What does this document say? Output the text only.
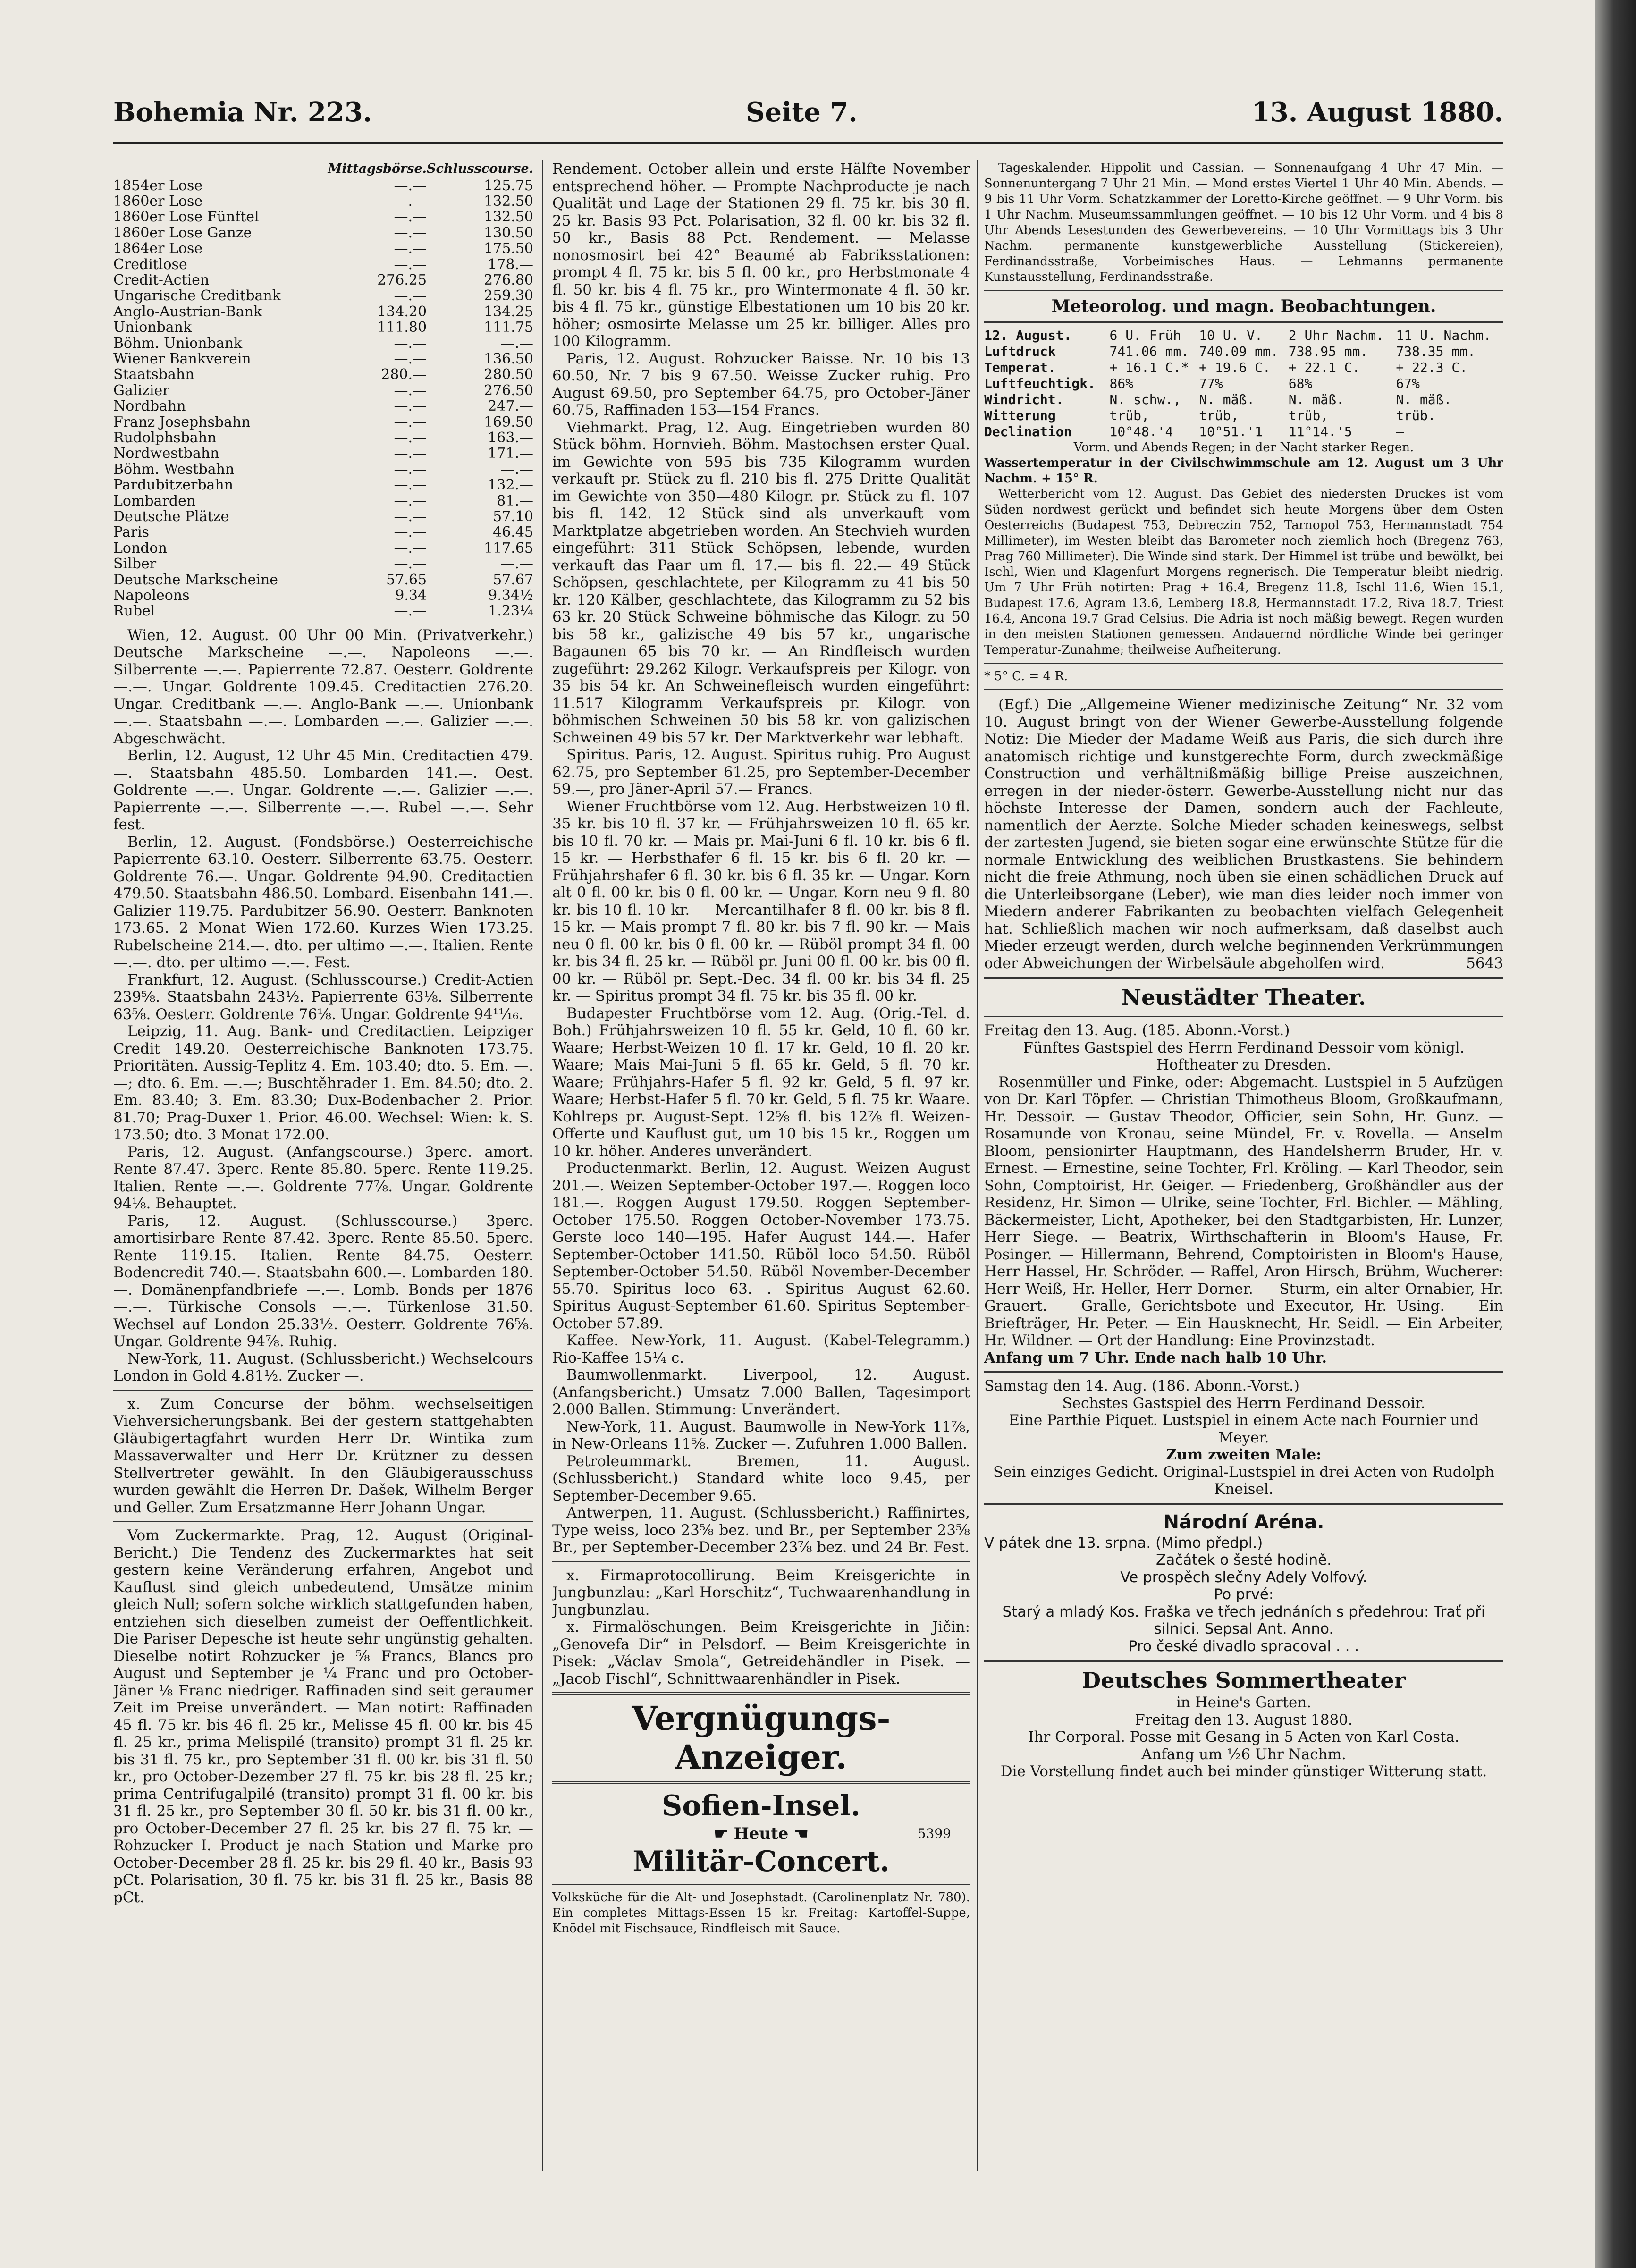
Bohemia Nr. 223.	Seite 7.	13. August 1880.
	Mittagsbörse.	Schlusscourse.
1854er Lose	—.—	125.75
1860er Lose	—.—	132.50
1860er Lose Fünftel	—.—	132.50
1860er Lose Ganze	—.—	130.50
1864er Lose	—.—	175.50
Creditlose	—.—	178.—
Credit-Actien	276.25	276.80
Ungarische Creditbank	—.—	259.30
Anglo-Austrian-Bank	134.20	134.25
Unionbank	111.80	111.75
Böhm. Unionbank	—.—	—.—
Wiener Bankverein	—.—	136.50
Staatsbahn	280.—	280.50
Galizier	—.—	276.50
Nordbahn	—.—	247.—
Franz Josephsbahn	—.—	169.50
Rudolphsbahn	—.—	163.—
Nordwestbahn	—.—	171.—
Böhm. Westbahn	—.—	—.—
Pardubitzerbahn	—.—	132.—
Lombarden	—.—	81.—
Deutsche Plätze	—.—	57.10
Paris	—.—	46.45
London	—.—	117.65
Silber	—.—	—.—
Deutsche Markscheine	57.65	57.67
Napoleons	9.34	9.34½
Rubel	—.—	1.23¼

Wien, 12. August. 00 Uhr 00 Min. (Privatverkehr.) Deutsche Markscheine —.—. Napoleons —.—. Silberrente —.—. Papierrente 72.87. Oesterr. Goldrente —.—. Ungar. Goldrente 109.45. Creditactien 276.20. Ungar. Creditbank —.—. Anglo-Bank —.—. Unionbank —.—. Staatsbahn —.—. Lombarden —.—. Galizier —.—. Abgeschwächt.

Berlin, 12. August, 12 Uhr 45 Min. Creditactien 479.—. Staatsbahn 485.50. Lombarden 141.—. Oest. Goldrente —.—. Ungar. Goldrente —.—. Galizier —.—. Papierrente —.—. Silberrente —.—. Rubel —.—. Sehr fest.

Berlin, 12. August. (Fondsbörse.) Oesterreichische Papierrente 63.10. Oesterr. Silberrente 63.75. Oesterr. Goldrente 76.—. Ungar. Goldrente 94.90. Creditactien 479.50. Staatsbahn 486.50. Lombard. Eisenbahn 141.—. Galizier 119.75. Pardubitzer 56.90. Oesterr. Banknoten 173.65. 2 Monat Wien 172.60. Kurzes Wien 173.25. Rubelscheine 214.—. dto. per ultimo —.—. Italien. Rente —.—. dto. per ultimo —.—. Fest.

Frankfurt, 12. August. (Schlusscourse.) Credit-Actien 239⅝. Staatsbahn 243½. Papierrente 63⅛. Silberrente 63⅝. Oesterr. Goldrente 76⅛. Ungar. Goldrente 94¹¹⁄₁₆.

Leipzig, 11. Aug. Bank- und Creditactien. Leipziger Credit 149.20. Oesterreichische Banknoten 173.75. Prioritäten. Aussig-Teplitz 4. Em. 103.40; dto. 5. Em. —.—; dto. 6. Em. —.—; Buschtěhrader 1. Em. 84.50; dto. 2. Em. 83.40; 3. Em. 83.30; Dux-Bodenbacher 2. Prior. 81.70; Prag-Duxer 1. Prior. 46.00. Wechsel: Wien: k. S. 173.50; dto. 3 Monat 172.00.

Paris, 12. August. (Anfangscourse.) 3perc. amort. Rente 87.47. 3perc. Rente 85.80. 5perc. Rente 119.25. Italien. Rente —.—. Goldrente 77⅞. Ungar. Goldrente 94⅛. Behauptet.

Paris, 12. August. (Schlusscourse.) 3perc. amortisirbare Rente 87.42. 3perc. Rente 85.50. 5perc. Rente 119.15. Italien. Rente 84.75. Oesterr. Bodencredit 740.—. Staatsbahn 600.—. Lombarden 180.—. Domänenpfandbriefe —.—. Lomb. Bonds per 1876 —.—. Türkische Consols —.—. Türkenlose 31.50. Wechsel auf London 25.33½. Oesterr. Goldrente 76⅝. Ungar. Goldrente 94⅞. Ruhig.

New-York, 11. August. (Schlussbericht.) Wechselcours London in Gold 4.81½. Zucker —.

x. Zum Concurse der böhm. wechselseitigen Viehversicherungsbank. Bei der gestern stattgehabten Gläubigertagfahrt wurden Herr Dr. Wintika zum Massaverwalter und Herr Dr. Krützner zu dessen Stellvertreter gewählt. In den Gläubigerausschuss wurden gewählt die Herren Dr. Dašek, Wilhelm Berger und Geller. Zum Ersatzmanne Herr Johann Ungar.

Vom Zuckermarkte. Prag, 12. August (Original-Bericht.) Die Tendenz des Zuckermarktes hat seit gestern keine Veränderung erfahren, Angebot und Kauflust sind gleich unbedeutend, Umsätze minim gleich Null; sofern solche wirklich stattgefunden haben, entziehen sich dieselben zumeist der Oeffentlichkeit. Die Pariser Depesche ist heute sehr ungünstig gehalten. Dieselbe notirt Rohzucker je ⅝ Francs, Blancs pro August und September je ¼ Franc und pro October-Jäner ⅛ Franc niedriger. Raffinaden sind seit geraumer Zeit im Preise unverändert. — Man notirt: Raffinaden 45 fl. 75 kr. bis 46 fl. 25 kr., Melisse 45 fl. 00 kr. bis 45 fl. 25 kr., prima Melispilé (transito) prompt 31 fl. 25 kr. bis 31 fl. 75 kr., pro September 31 fl. 00 kr. bis 31 fl. 50 kr., pro October-Dezember 27 fl. 75 kr. bis 28 fl. 25 kr.; prima Centrifugalpilé (transito) prompt 31 fl. 00 kr. bis 31 fl. 25 kr., pro September 30 fl. 50 kr. bis 31 fl. 00 kr., pro October-December 27 fl. 25 kr. bis 27 fl. 75 kr. — Rohzucker I. Product je nach Station und Marke pro October-December 28 fl. 25 kr. bis 29 fl. 40 kr., Basis 93 pCt. Polarisation, 30 fl. 75 kr. bis 31 fl. 25 kr., Basis 88 pCt.

Rendement. October allein und erste Hälfte November entsprechend höher. — Prompte Nachproducte je nach Qualität und Lage der Stationen 29 fl. 75 kr. bis 30 fl. 25 kr. Basis 93 Pct. Polarisation, 32 fl. 00 kr. bis 32 fl. 50 kr., Basis 88 Pct. Rendement. — Melasse nonosmosirt bei 42° Beaumé ab Fabriksstationen: prompt 4 fl. 75 kr. bis 5 fl. 00 kr., pro Herbstmonate 4 fl. 50 kr. bis 4 fl. 75 kr., pro Wintermonate 4 fl. 50 kr. bis 4 fl. 75 kr., günstige Elbestationen um 10 bis 20 kr. höher; osmosirte Melasse um 25 kr. billiger. Alles pro 100 Kilogramm.

Paris, 12. August. Rohzucker Baisse. Nr. 10 bis 13 60.50, Nr. 7 bis 9 67.50. Weisse Zucker ruhig. Pro August 69.50, pro September 64.75, pro October-Jäner 60.75, Raffinaden 153—154 Francs.

Viehmarkt. Prag, 12. Aug. Eingetrieben wurden 80 Stück böhm. Hornvieh. Böhm. Mastochsen erster Qual. im Gewichte von 595 bis 735 Kilogramm wurden verkauft pr. Stück zu fl. 210 bis fl. 275 Dritte Qualität im Gewichte von 350—480 Kilogr. pr. Stück zu fl. 107 bis fl. 142. 12 Stück sind als unverkauft vom Marktplatze abgetrieben worden. An Stechvieh wurden eingeführt: 311 Stück Schöpsen, lebende, wurden verkauft das Paar um fl. 17.— bis fl. 22.— 49 Stück Schöpsen, geschlachtete, per Kilogramm zu 41 bis 50 kr. 120 Kälber, geschlachtete, das Kilogramm zu 52 bis 63 kr. 20 Stück Schweine böhmische das Kilogr. zu 50 bis 58 kr., galizische 49 bis 57 kr., ungarische Bagaunen 65 bis 70 kr. — An Rindfleisch wurden zugeführt: 29.262 Kilogr. Verkaufspreis per Kilogr. von 35 bis 54 kr. An Schweinefleisch wurden eingeführt: 11.517 Kilogramm Verkaufspreis pr. Kilogr. von böhmischen Schweinen 50 bis 58 kr. von galizischen Schweinen 49 bis 57 kr. Der Marktverkehr war lebhaft.

Spiritus. Paris, 12. August. Spiritus ruhig. Pro August 62.75, pro September 61.25, pro September-December 59.—, pro Jäner-April 57.— Francs.

Wiener Fruchtbörse vom 12. Aug. Herbstweizen 10 fl. 35 kr. bis 10 fl. 37 kr. — Frühjahrsweizen 10 fl. 65 kr. bis 10 fl. 70 kr. — Mais pr. Mai-Juni 6 fl. 10 kr. bis 6 fl. 15 kr. — Herbsthafer 6 fl. 15 kr. bis 6 fl. 20 kr. — Frühjahrshafer 6 fl. 30 kr. bis 6 fl. 35 kr. — Ungar. Korn alt 0 fl. 00 kr. bis 0 fl. 00 kr. — Ungar. Korn neu 9 fl. 80 kr. bis 10 fl. 10 kr. — Mercantilhafer 8 fl. 00 kr. bis 8 fl. 15 kr. — Mais prompt 7 fl. 80 kr. bis 7 fl. 90 kr. — Mais neu 0 fl. 00 kr. bis 0 fl. 00 kr. — Rüböl prompt 34 fl. 00 kr. bis 34 fl. 25 kr. — Rüböl pr. Juni 00 fl. 00 kr. bis 00 fl. 00 kr. — Rüböl pr. Sept.-Dec. 34 fl. 00 kr. bis 34 fl. 25 kr. — Spiritus prompt 34 fl. 75 kr. bis 35 fl. 00 kr.

Budapester Fruchtbörse vom 12. Aug. (Orig.-Tel. d. Boh.) Frühjahrsweizen 10 fl. 55 kr. Geld, 10 fl. 60 kr. Waare; Herbst-Weizen 10 fl. 17 kr. Geld, 10 fl. 20 kr. Waare; Mais Mai-Juni 5 fl. 65 kr. Geld, 5 fl. 70 kr. Waare; Frühjahrs-Hafer 5 fl. 92 kr. Geld, 5 fl. 97 kr. Waare; Herbst-Hafer 5 fl. 70 kr. Geld, 5 fl. 75 kr. Waare. Kohlreps pr. August-Sept. 12⅝ fl. bis 12⅞ fl. Weizen-Offerte und Kauflust gut, um 10 bis 15 kr., Roggen um 10 kr. höher. Anderes unverändert.

Productenmarkt. Berlin, 12. August. Weizen August 201.—. Weizen September-October 197.—. Roggen loco 181.—. Roggen August 179.50. Roggen September-October 175.50. Roggen October-November 173.75. Gerste loco 140—195. Hafer August 144.—. Hafer September-October 141.50. Rüböl loco 54.50. Rüböl September-October 54.50. Rüböl November-December 55.70. Spiritus loco 63.—. Spiritus August 62.60. Spiritus August-September 61.60. Spiritus September-October 57.89.

Kaffee. New-York, 11. August. (Kabel-Telegramm.) Rio-Kaffee 15¼ c.

Baumwollenmarkt. Liverpool, 12. August. (Anfangsbericht.) Umsatz 7.000 Ballen, Tagesimport 2.000 Ballen. Stimmung: Unverändert.

New-York, 11. August. Baumwolle in New-York 11⅞, in New-Orleans 11⅝. Zucker —. Zufuhren 1.000 Ballen.

Petroleummarkt. Bremen, 11. August. (Schlussbericht.) Standard white loco 9.45, per September-December 9.65.

Antwerpen, 11. August. (Schlussbericht.) Raffinirtes, Type weiss, loco 23⅝ bez. und Br., per September 23⅝ Br., per September-December 23⅞ bez. und 24 Br. Fest.

x. Firmaprotocollirung. Beim Kreisgerichte in Jungbunzlau: „Karl Horschitz“, Tuchwaarenhandlung in Jungbunzlau.

x. Firmalöschungen. Beim Kreisgerichte in Jičin: „Genovefa Dir“ in Pelsdorf. — Beim Kreisgerichte in Pisek: „Václav Smola“, Getreidehändler in Pisek. — „Jacob Fischl“, Schnittwaarenhändler in Pisek.

Vergnügungs-Anzeiger.
Sofien-Insel.
☛ Heute ☚	5399
Militär-Concert.

Volksküche für die Alt- und Josephstadt. (Carolinenplatz Nr. 780). Ein completes Mittags-Essen 15 kr. Freitag: Kartoffel-Suppe, Knödel mit Fischsauce, Rindfleisch mit Sauce.

Tageskalender. Hippolit und Cassian. — Sonnenaufgang 4 Uhr 47 Min. — Sonnenuntergang 7 Uhr 21 Min. — Mond erstes Viertel 1 Uhr 40 Min. Abends. — 9 bis 11 Uhr Vorm. Schatzkammer der Loretto-Kirche geöffnet. — 9 Uhr Vorm. bis 1 Uhr Nachm. Museumssammlungen geöffnet. — 10 bis 12 Uhr Vorm. und 4 bis 8 Uhr Abends Lesestunden des Gewerbevereins. — 10 Uhr Vormittags bis 3 Uhr Nachm. permanente kunstgewerbliche Ausstellung (Stickereien), Ferdinandsstraße, Vorbeimisches Haus. — Lehmanns permanente Kunstausstellung, Ferdinandsstraße.

Meteorolog. und magn. Beobachtungen.
12. August.	6 U. Früh	10 U. V.	2 Uhr Nachm.	11 U. Nachm.
Luftdruck	741.06 mm.	740.09 mm.	738.95 mm.	738.35 mm.
Temperat.	+ 16.1 C.*	+ 19.6 C.	+ 22.1 C.	+ 22.3 C.
Luftfeuchtigk.	86%	77%	68%	67%
Windricht.	N. schw.,	N. mäß.	N. mäß.	N. mäß.
Witterung	trüb,	trüb,	trüb,	trüb.
Declination	10°48.'4	10°51.'1	11°14.'5	—

Vorm. und Abends Regen; in der Nacht starker Regen.

Wassertemperatur in der Civilschwimmschule am 12. August um 3 Uhr Nachm. + 15° R.

Wetterbericht vom 12. August. Das Gebiet des niedersten Druckes ist vom Süden nordwest gerückt und befindet sich heute Morgens über dem Osten Oesterreichs (Budapest 753, Debreczin 752, Tarnopol 753, Hermannstadt 754 Millimeter), im Westen bleibt das Barometer noch ziemlich hoch (Bregenz 763, Prag 760 Millimeter). Die Winde sind stark. Der Himmel ist trübe und bewölkt, bei Ischl, Wien und Klagenfurt Morgens regnerisch. Die Temperatur bleibt niedrig. Um 7 Uhr Früh notirten: Prag + 16.4, Bregenz 11.8, Ischl 11.6, Wien 15.1, Budapest 17.6, Agram 13.6, Lemberg 18.8, Hermannstadt 17.2, Riva 18.7, Triest 16.4, Ancona 19.7 Grad Celsius. Die Adria ist noch mäßig bewegt. Regen wurden in den meisten Stationen gemessen. Andauernd nördliche Winde bei geringer Temperatur-Zunahme; theilweise Aufheiterung.

* 5° C. = 4 R.

(Egf.) Die „Allgemeine Wiener medizinische Zeitung“ Nr. 32 vom 10. August bringt von der Wiener Gewerbe-Ausstellung folgende Notiz: Die Mieder der Madame Weiß aus Paris, die sich durch ihre anatomisch richtige und kunstgerechte Form, durch zweckmäßige Construction und verhältnißmäßig billige Preise auszeichnen, erregen in der nieder-österr. Gewerbe-Ausstellung nicht nur das höchste Interesse der Damen, sondern auch der Fachleute, namentlich der Aerzte. Solche Mieder schaden keineswegs, selbst der zartesten Jugend, sie bieten sogar eine erwünschte Stütze für die normale Entwicklung des weiblichen Brustkastens. Sie behindern nicht die freie Athmung, noch üben sie einen schädlichen Druck auf die Unterleibsorgane (Leber), wie man dies leider noch immer von Miedern anderer Fabrikanten zu beobachten vielfach Gelegenheit hat. Schließlich machen wir noch aufmerksam, daß daselbst auch Mieder erzeugt werden, durch welche beginnenden Verkrümmungen oder Abweichungen der Wirbelsäule abgeholfen wird.	5643

Neustädter Theater.

Freitag den 13. Aug. (185. Abonn.-Vorst.)

Fünftes Gastspiel des Herrn Ferdinand Dessoir vom königl. Hoftheater zu Dresden.

Rosenmüller und Finke, oder: Abgemacht. Lustspiel in 5 Aufzügen von Dr. Karl Töpfer. — Christian Thimotheus Bloom, Großkaufmann, Hr. Dessoir. — Gustav Theodor, Officier, sein Sohn, Hr. Gunz. — Rosamunde von Kronau, seine Mündel, Fr. v. Rovella. — Anselm Bloom, pensionirter Hauptmann, des Handelsherrn Bruder, Hr. v. Ernest. — Ernestine, seine Tochter, Frl. Kröling. — Karl Theodor, sein Sohn, Comptoirist, Hr. Geiger. — Friedenberg, Großhändler aus der Residenz, Hr. Simon — Ulrike, seine Tochter, Frl. Bichler. — Mähling, Bäckermeister, Licht, Apotheker, bei den Stadtgarbisten, Hr. Lunzer, Herr Siege. — Beatrix, Wirthschafterin in Bloom's Hause, Fr. Posinger. — Hillermann, Behrend, Comptoiristen in Bloom's Hause, Herr Hassel, Hr. Schröder. — Raffel, Aron Hirsch, Brühm, Wucherer: Herr Weiß, Hr. Heller, Herr Dorner. — Sturm, ein alter Ornabier, Hr. Grauert. — Gralle, Gerichtsbote und Executor, Hr. Using. — Ein Briefträger, Hr. Peter. — Ein Hausknecht, Hr. Seidl. — Ein Arbeiter, Hr. Wildner. — Ort der Handlung: Eine Provinzstadt.

Anfang um 7 Uhr. Ende nach halb 10 Uhr.

Samstag den 14. Aug. (186. Abonn.-Vorst.)

Sechstes Gastspiel des Herrn Ferdinand Dessoir.

Eine Parthie Piquet. Lustspiel in einem Acte nach Fournier und Meyer.

Zum zweiten Male:

Sein einziges Gedicht. Original-Lustspiel in drei Acten von Rudolph Kneisel.

Národní Aréna.

V pátek dne 13. srpna. (Mimo předpl.)

Začátek o šesté hodině.

Ve prospěch slečny Adely Volfový.

Po prvé:

Starý a mladý Kos. Fraška ve třech jednáních s předehrou: Trať při silnici. Sepsal Ant. Anno.

Pro české divadlo spracoval . . .

Deutsches Sommertheater

in Heine's Garten.

Freitag den 13. August 1880.

Ihr Corporal. Posse mit Gesang in 5 Acten von Karl Costa.

Anfang um ½6 Uhr Nachm.

Die Vorstellung findet auch bei minder günstiger Witterung statt.
